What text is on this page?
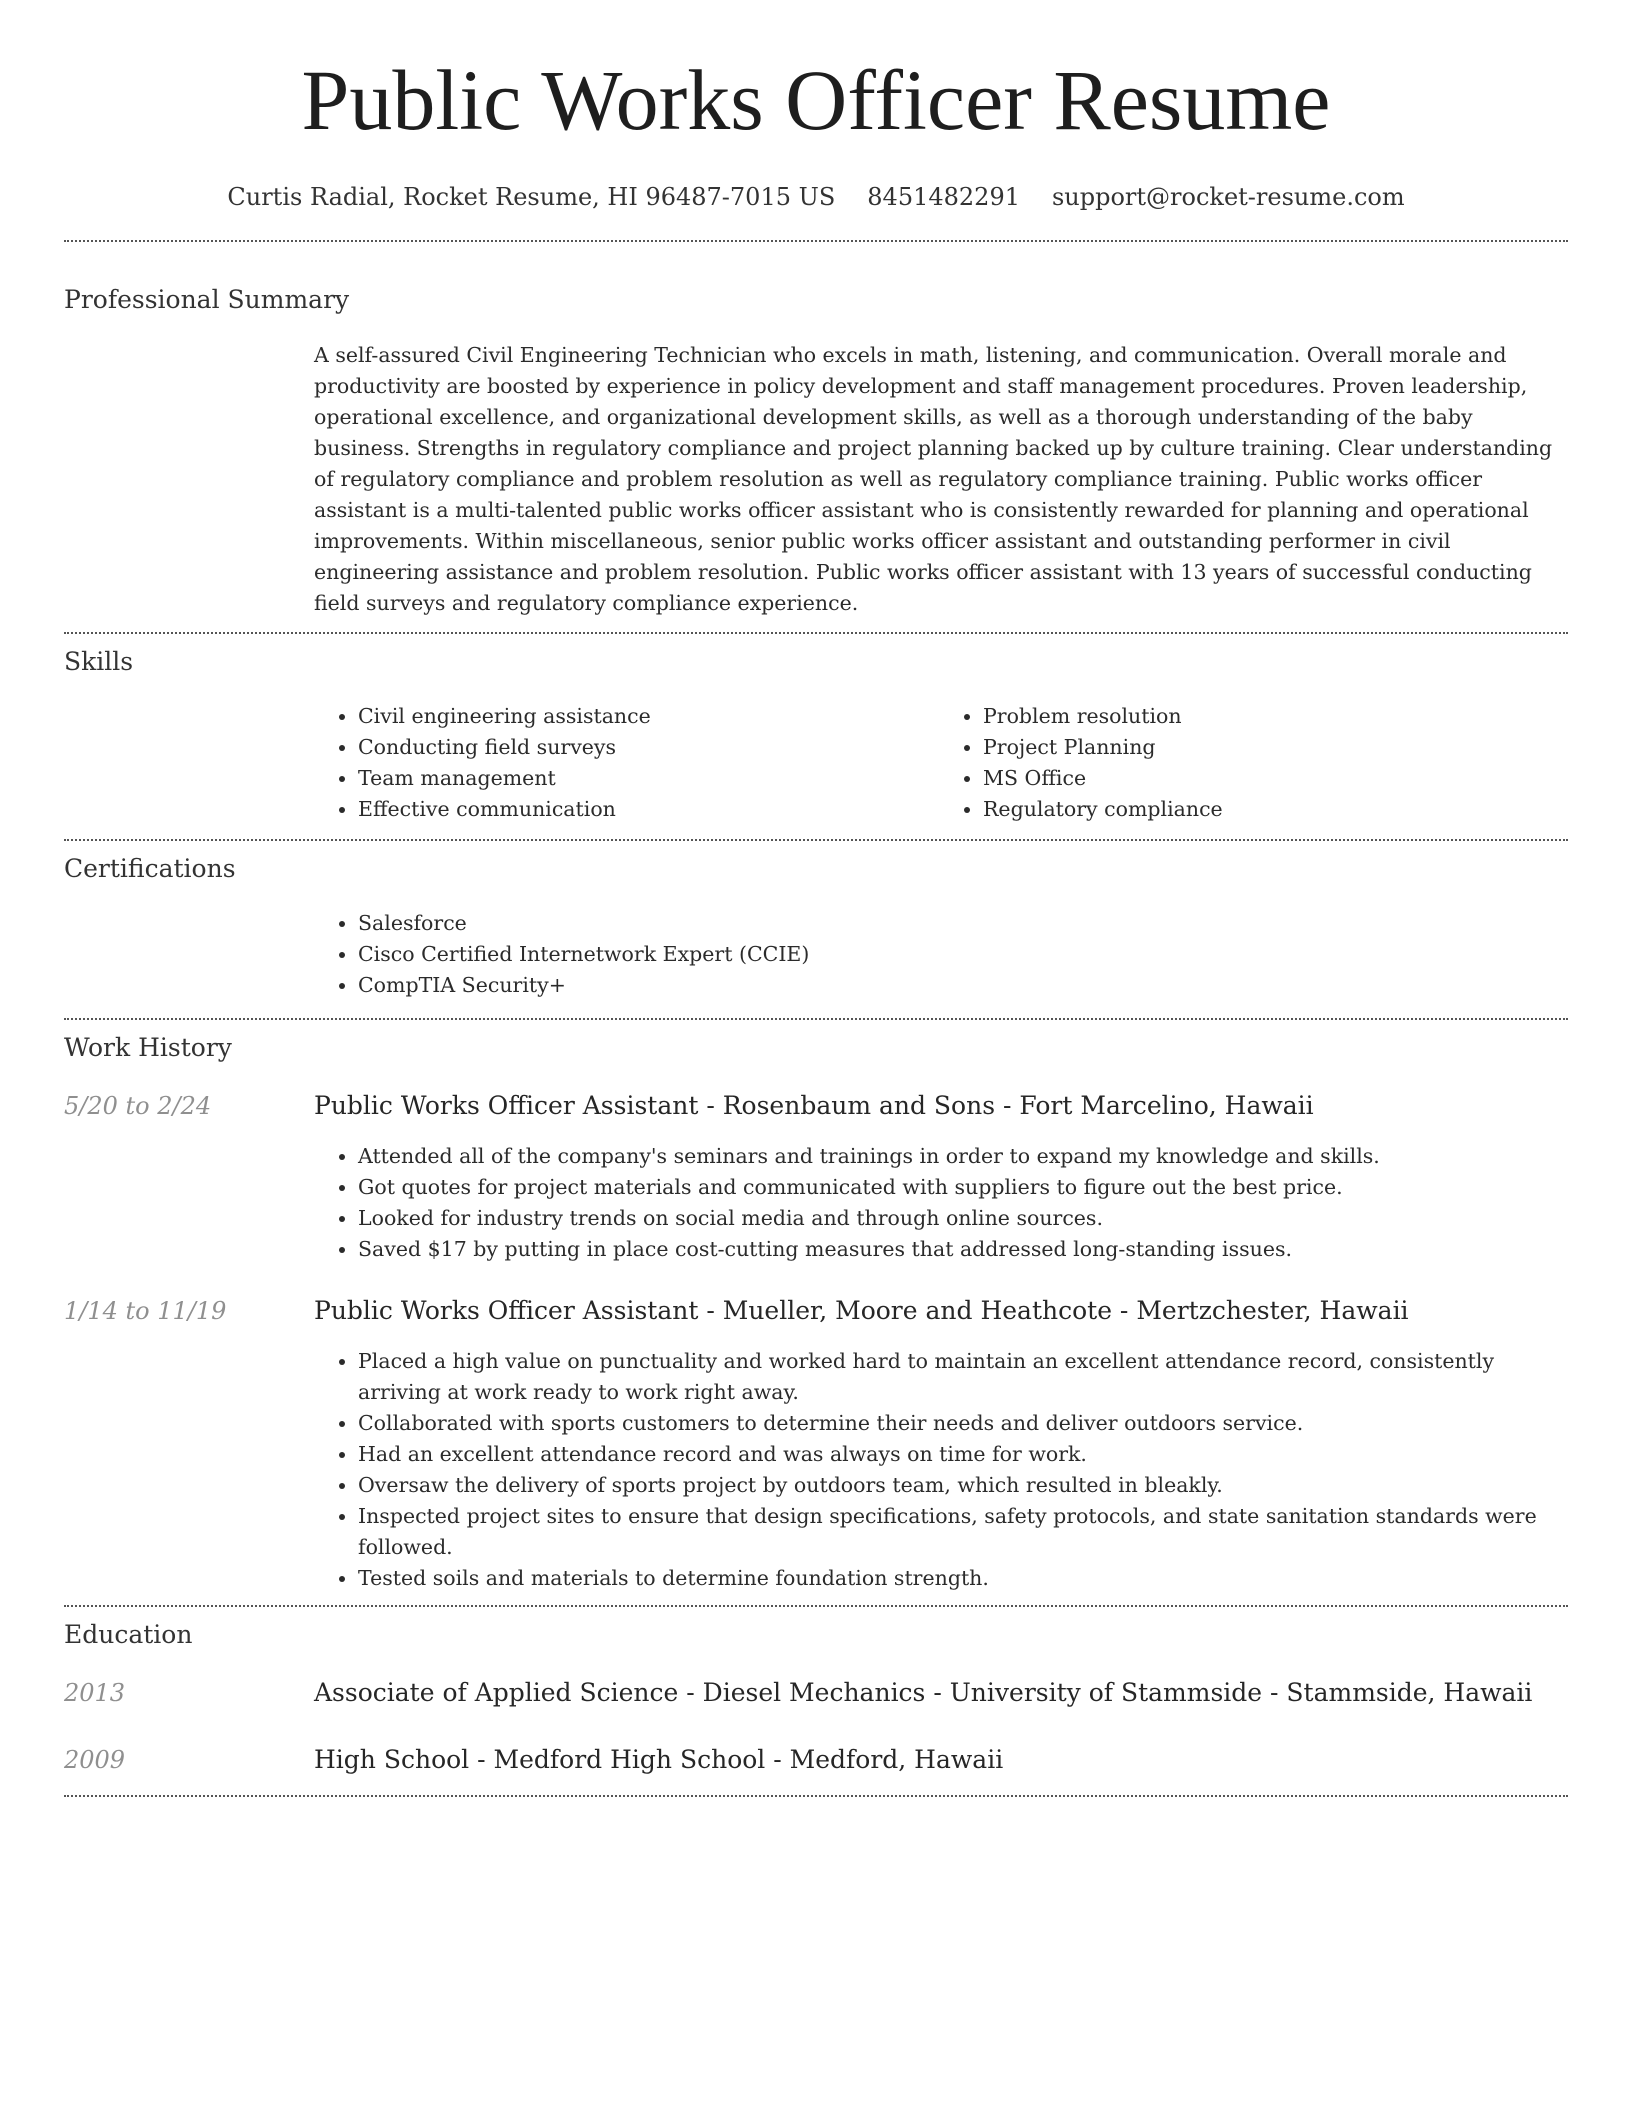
Public Works Officer Resume
Curtis Radial, Rocket Resume, HI 96487-7015 US 8451482291 support@rocket-resume.com
Professional Summary

A self-assured Civil Engineering Technician who excels in math, listening, and communication. Overall morale and productivity are boosted by experience in policy development and staff management procedures. Proven leadership, operational excellence, and organizational development skills, as well as a thorough understanding of the baby business. Strengths in regulatory compliance and project planning backed up by culture training. Clear understanding of regulatory compliance and problem resolution as well as regulatory compliance training. Public works officer assistant is a multi-talented public works officer assistant who is consistently rewarded for planning and operational improvements. Within miscellaneous, senior public works officer assistant and outstanding performer in civil engineering assistance and problem resolution. Public works officer assistant with 13 years of successful conducting field surveys and regulatory compliance experience.

Skills
• Civil engineering assistance
• Conducting field surveys
• Team management
• Effective communication
• Problem resolution
• Project Planning
• MS Office
• Regulatory compliance
Certifications
• Salesforce
• Cisco Certified Internetwork Expert (CCIE)
• CompTIA Security+
Work History
5/20 to 2/24	Public Works Officer Assistant - Rosenbaum and Sons - Fort Marcelino, Hawaii
• Attended all of the company's seminars and trainings in order to expand my knowledge and skills.
• Got quotes for project materials and communicated with suppliers to figure out the best price.
• Looked for industry trends on social media and through online sources.
• Saved $17 by putting in place cost-cutting measures that addressed long-standing issues.
1/14 to 11/19	Public Works Officer Assistant - Mueller, Moore and Heathcote - Mertzchester, Hawaii
• Placed a high value on punctuality and worked hard to maintain an excellent attendance record, consistently arriving at work ready to work right away.
• Collaborated with sports customers to determine their needs and deliver outdoors service.
• Had an excellent attendance record and was always on time for work.
• Oversaw the delivery of sports project by outdoors team, which resulted in bleakly.
• Inspected project sites to ensure that design specifications, safety protocols, and state sanitation standards were followed.
• Tested soils and materials to determine foundation strength.
Education
2013	Associate of Applied Science - Diesel Mechanics - University of Stammside - Stammside, Hawaii
2009	High School - Medford High School - Medford, Hawaii
